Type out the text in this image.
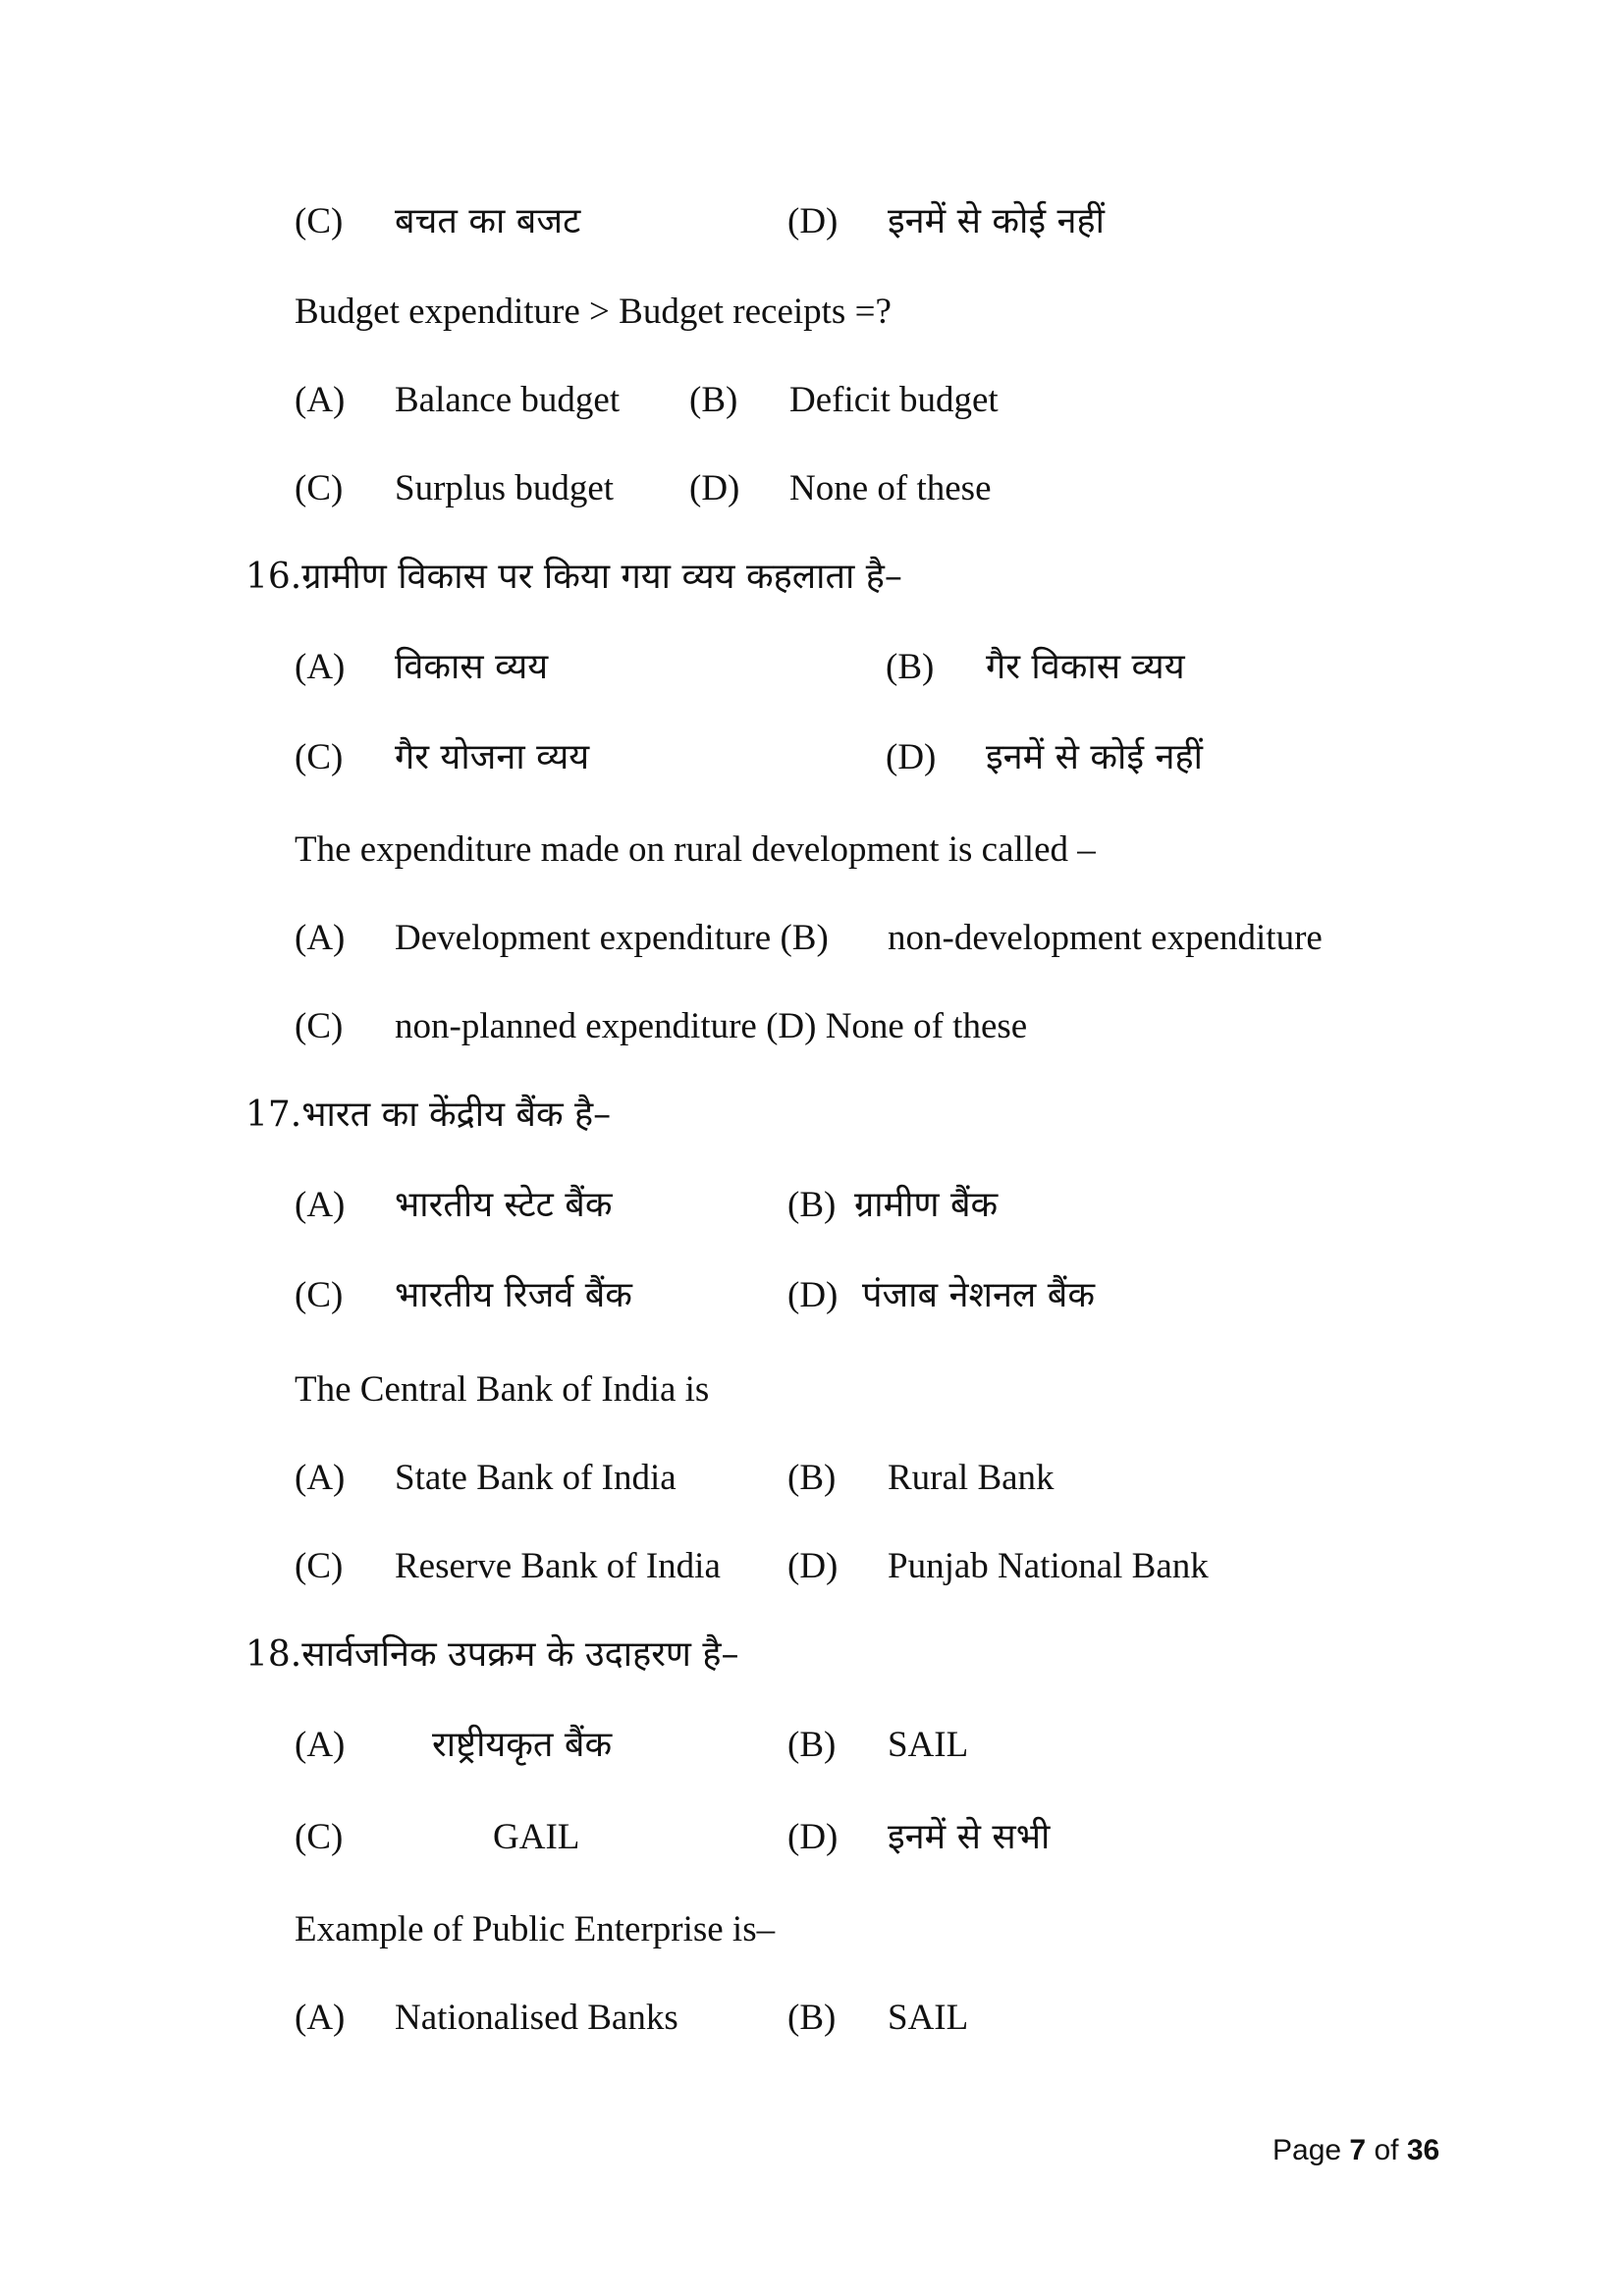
(C) बचत का बजट	(D) इनमें से कोई नहीं
Budget expenditure > Budget receipts =?
(A) Balance budget (B) Deficit budget
(C) Surplus budget (D) None of these
16.ग्रामीण विकास पर किया गया व्यय कहलाता है–
(A) विकास व्यय	(B) गैर विकास व्यय
(C) गैर योजना व्यय	(D) इनमें से कोई नहीं
The expenditure made on rural development is called –
(A) Development expenditure (B) non-development expenditure
(C) non-planned expenditure (D) None of these
17.भारत का केंद्रीय बैंक है–
(A) भारतीय स्टेट बैंक	(B) ग्रामीण बैंक
(C) भारतीय रिजर्व बैंक	(D) पंजाब नेशनल बैंक
The Central Bank of India is
(A) State Bank of India	(B) Rural Bank
(C) Reserve Bank of India (D) Punjab National Bank
18.सार्वजनिक उपक्रम के उदाहरण है–
(A) राष्ट्रीयकृत बैंक	(B) SAIL
(C)	GAIL	(D) इनमें से सभी
Example of Public Enterprise is–
(A) Nationalised Banks	(B) SAIL
Page 7 of 36
